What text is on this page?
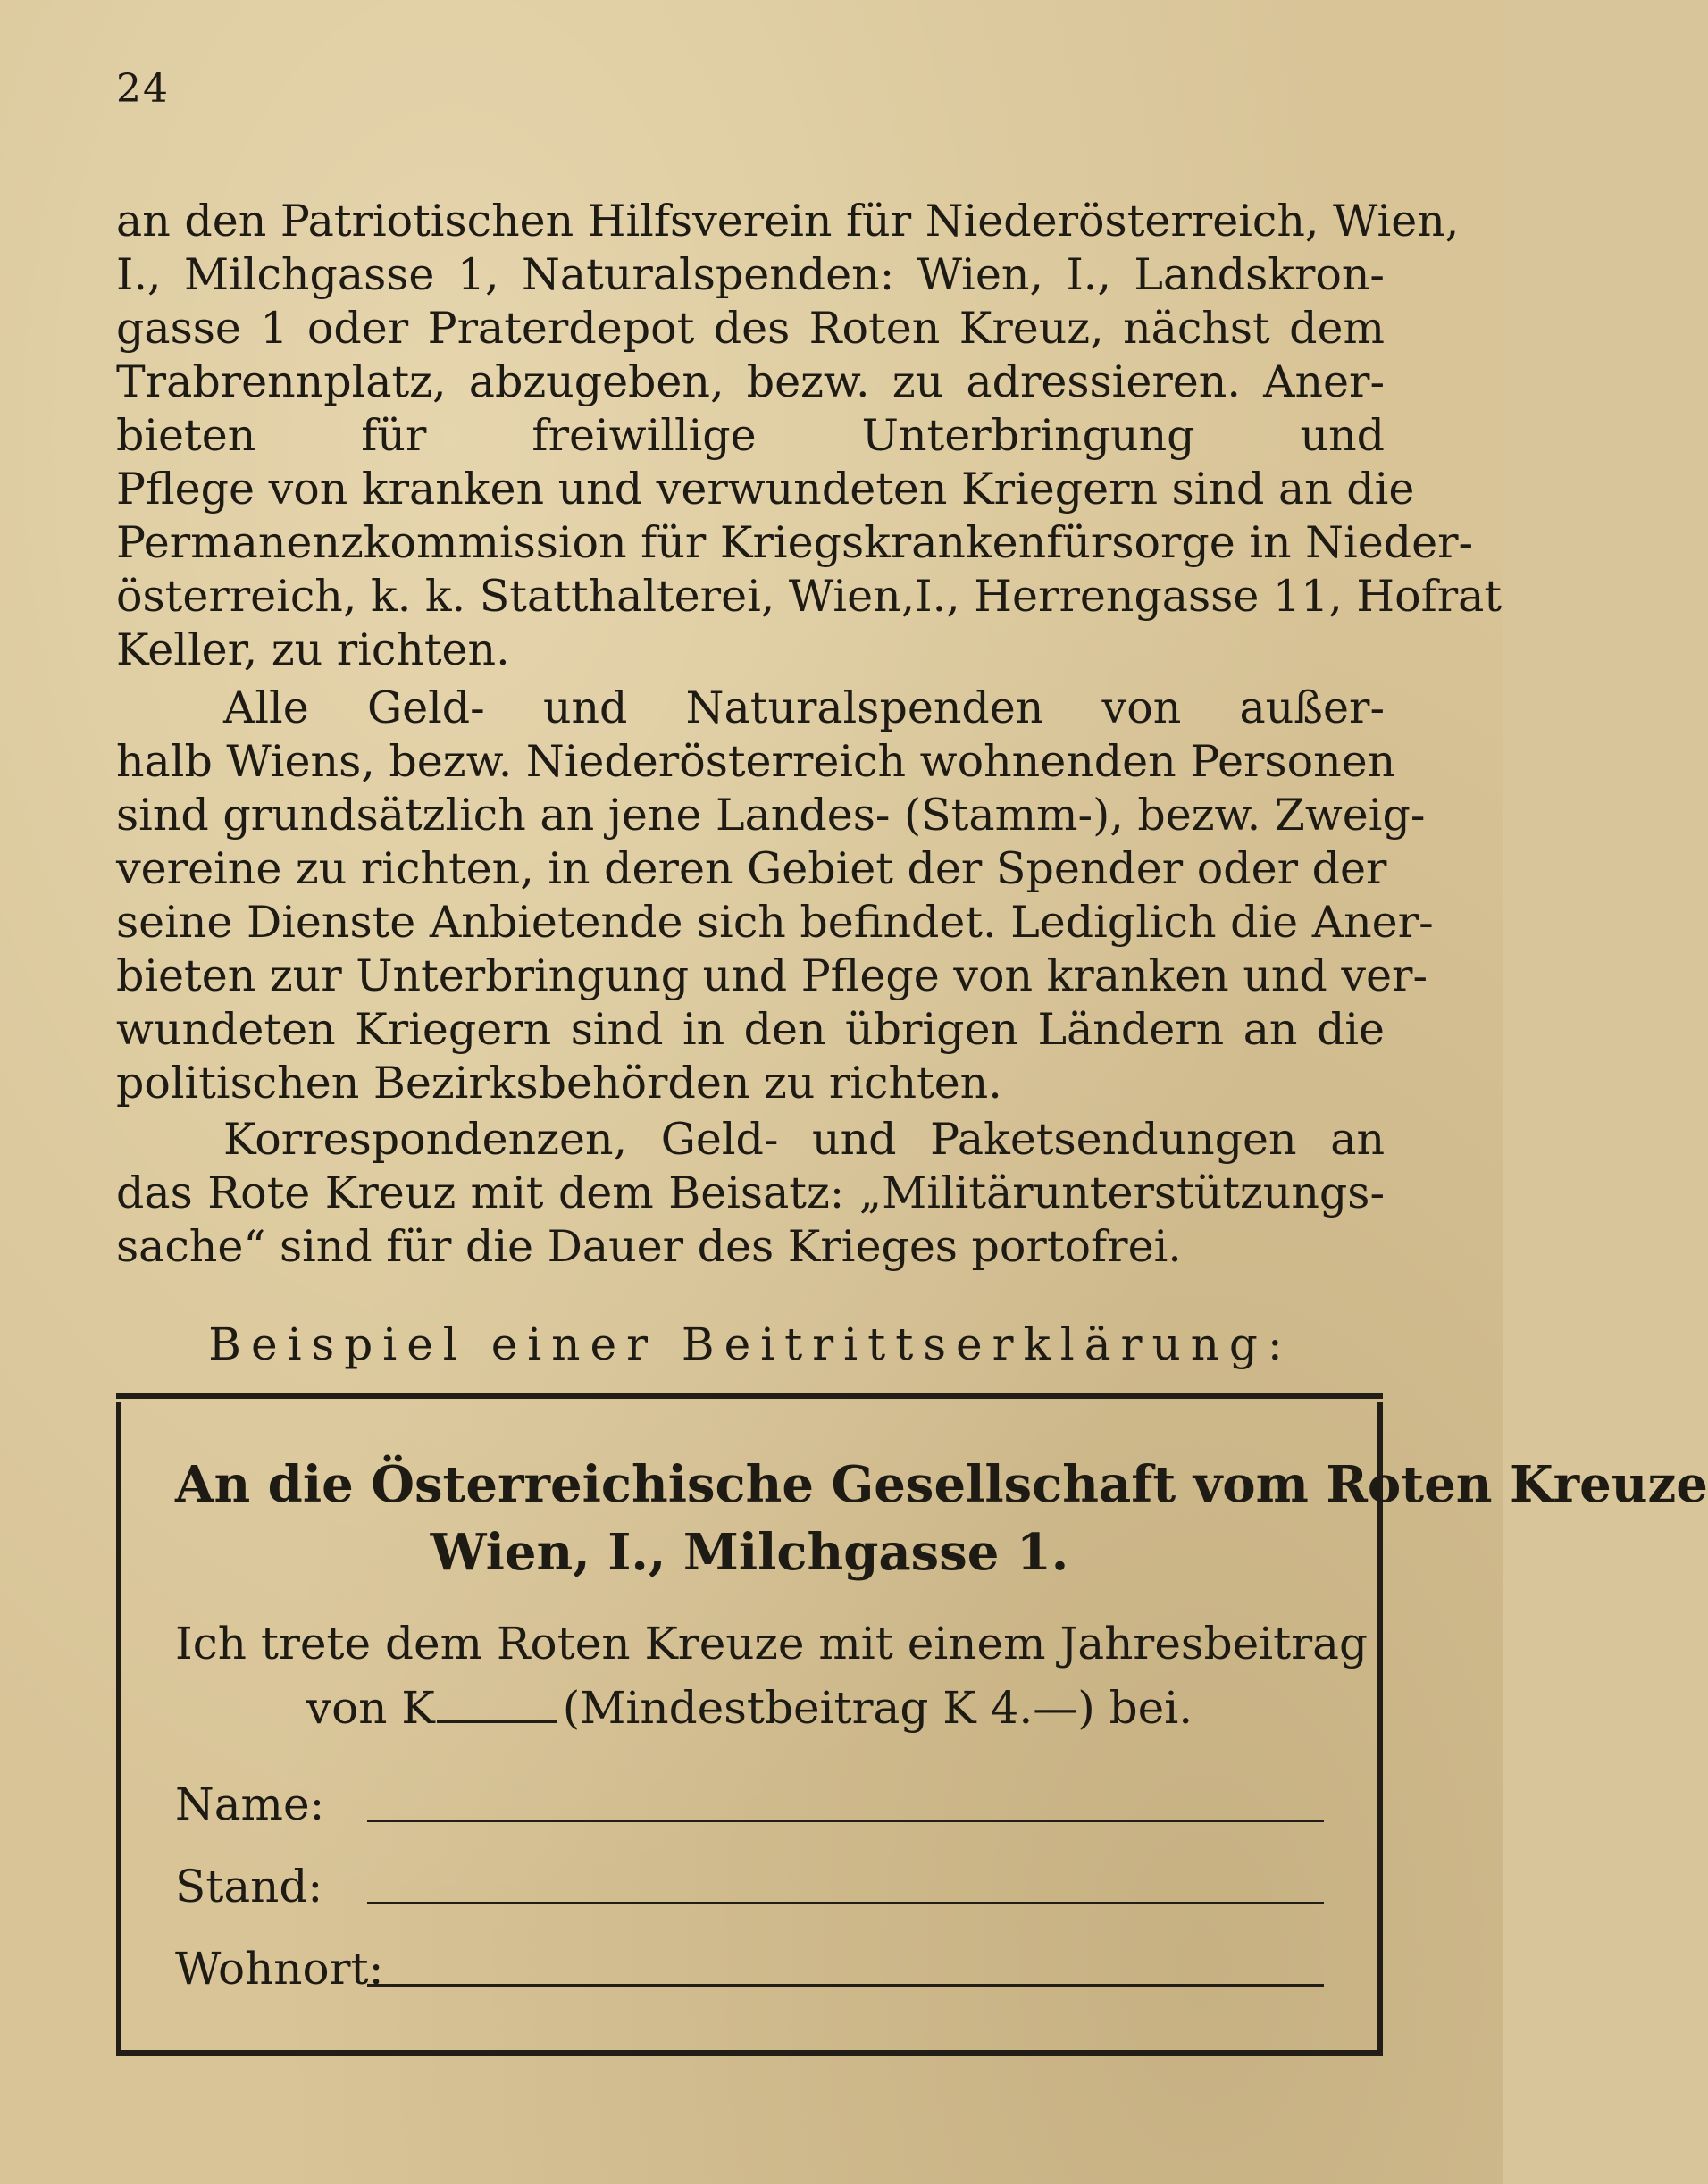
24
an den Patriotischen Hilfsverein für Niederösterreich, Wien,
I., Milchgasse 1, Naturalspenden: Wien, I., Landskron-
gasse 1 oder Praterdepot des Roten Kreuz, nächst dem
Trabrennplatz, abzugeben, bezw. zu adressieren. Aner-
bieten für freiwillige Unterbringung und
Pflege von kranken und verwundeten Kriegern sind an die
Permanenzkommission für Kriegskrankenfürsorge in Nieder-
österreich, k. k. Statthalterei, Wien,I., Herrengasse 11, Hofrat
Keller, zu richten.
Alle Geld- und Naturalspenden von außer-
halb Wiens, bezw. Niederösterreich wohnenden Personen
sind grundsätzlich an jene Landes- (Stamm-), bezw. Zweig-
vereine zu richten, in deren Gebiet der Spender oder der
seine Dienste Anbietende sich befindet. Lediglich die Aner-
bieten zur Unterbringung und Pflege von kranken und ver-
wundeten Kriegern sind in den übrigen Ländern an die
politischen Bezirksbehörden zu richten.
Korrespondenzen, Geld- und Paketsendungen an
das Rote Kreuz mit dem Beisatz: „Militärunterstützungs-
sache“ sind für die Dauer des Krieges portofrei.
Beispiel einer Beitrittserklärung:
An die Österreichische Gesellschaft vom Roten Kreuze
Wien, I., Milchgasse 1.
Ich trete dem Roten Kreuze mit einem Jahresbeitrag
von K	(Mindestbeitrag K 4.—) bei.
Name:
Stand:
Wohnort:
